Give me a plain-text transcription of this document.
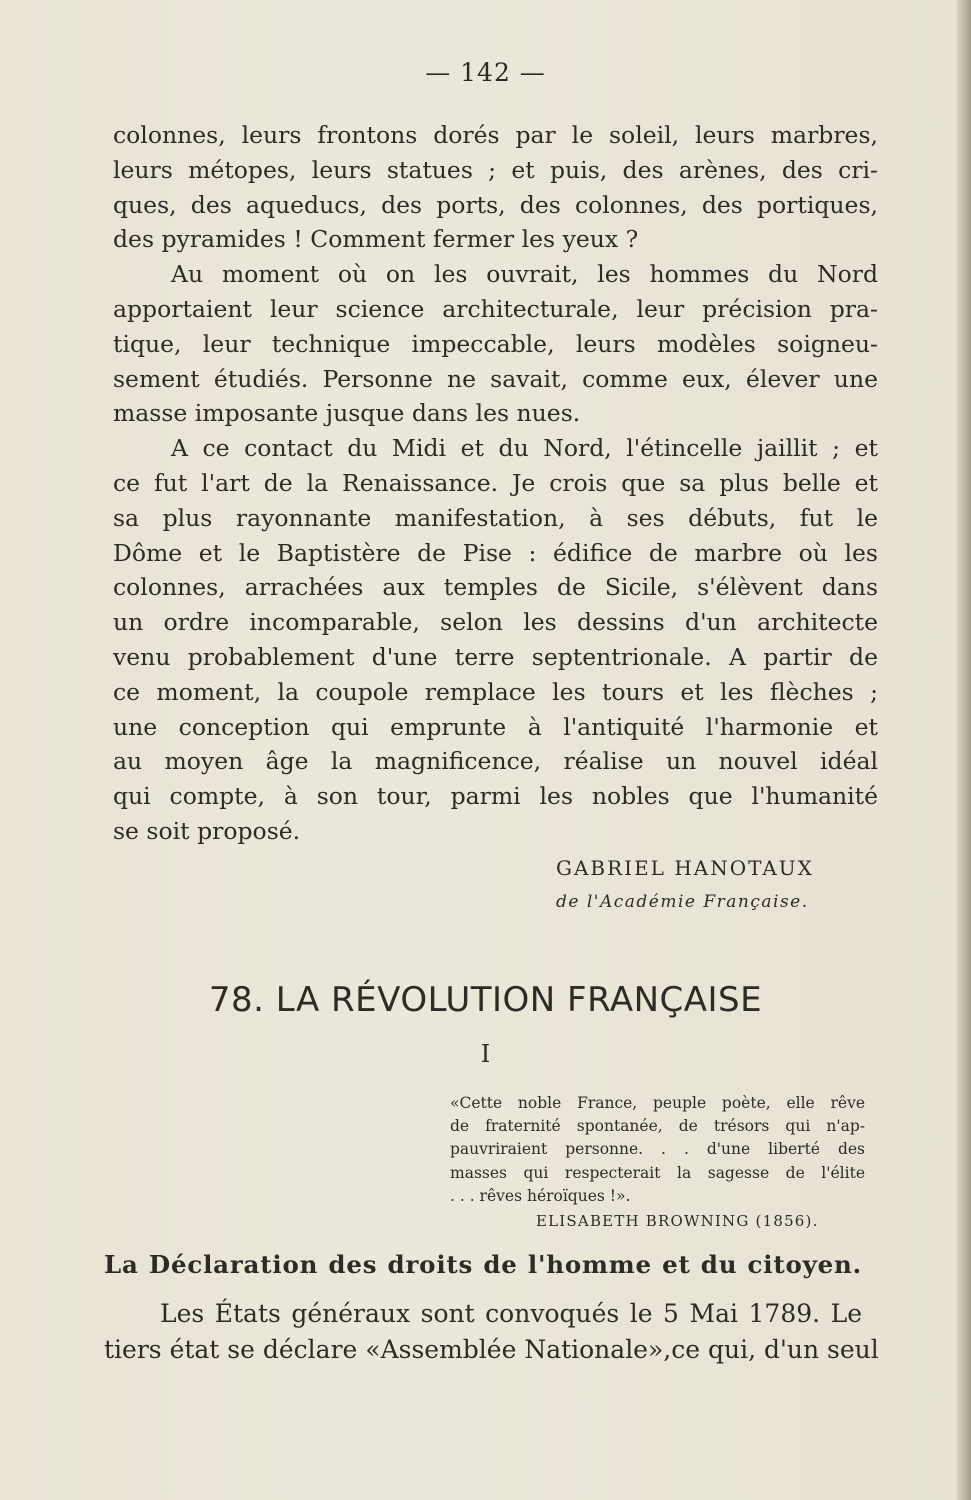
— 142 —

colonnes, leurs frontons dorés par le soleil, leurs marbres,
leurs métopes, leurs statues ; et puis, des arènes, des cri-
ques, des aqueducs, des ports, des colonnes, des portiques,
des pyramides ! Comment fermer les yeux ?

Au moment où on les ouvrait, les hommes du Nord
apportaient leur science architecturale, leur précision pra-
tique, leur technique impeccable, leurs modèles soigneu-
sement étudiés. Personne ne savait, comme eux, élever une
masse imposante jusque dans les nues.

A ce contact du Midi et du Nord, l'étincelle jaillit ; et
ce fut l'art de la Renaissance. Je crois que sa plus belle et
sa plus rayonnante manifestation, à ses débuts, fut le
Dôme et le Baptistère de Pise : édifice de marbre où les
colonnes, arrachées aux temples de Sicile, s'élèvent dans
un ordre incomparable, selon les dessins d'un architecte
venu probablement d'une terre septentrionale. A partir de
ce moment, la coupole remplace les tours et les flèches ;
une conception qui emprunte à l'antiquité l'harmonie et
au moyen âge la magnificence, réalise un nouvel idéal
qui compte, à son tour, parmi les nobles que l'humanité
se soit proposé.

GABRIEL HANOTAUX
de l'Académie Française.
78. LA RÉVOLUTION FRANÇAISE
I
«Cette noble France, peuple poète, elle rêve
de fraternité spontanée, de trésors qui n'ap-
pauvriraient personne. . . d'une liberté des
masses qui respecterait la sagesse de l'élite
. . . rêves héroïques !».
ELISABETH BROWNING (1856).
La Déclaration des droits de l'homme et du citoyen.

Les États généraux sont convoqués le 5 Mai 1789. Le
tiers état se déclare «Assemblée Nationale»,ce qui, d'un seul
